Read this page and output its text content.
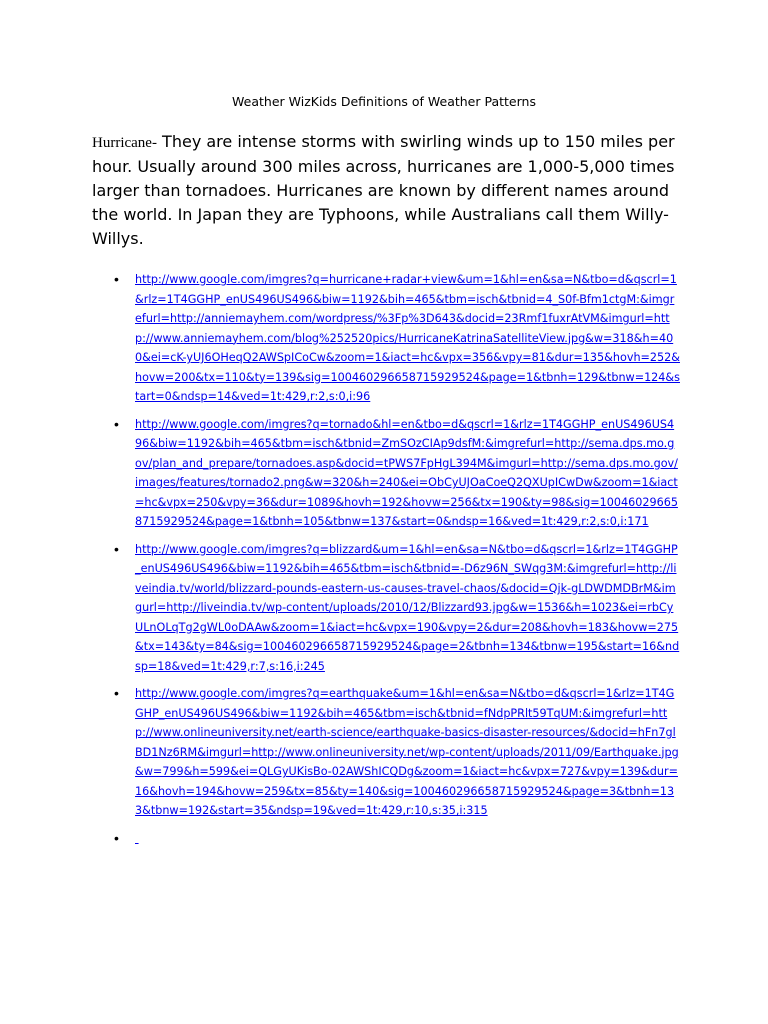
Weather WizKids Definitions of Weather Patterns
Hurricane- They are intense storms with swirling winds up to 150 miles per hour. Usually around 300 miles across, hurricanes are 1,000-5,000 times larger than tornadoes. Hurricanes are known by different names around the world. In Japan they are Typhoons, while Australians call them Willy-Willys.
• http://www.google.com/imgres?q=hurricane+radar+view&um=1&hl=en&sa=N&tbo=d&qscrl=1&rlz=1T4GGHP_enUS496US496&biw=1192&bih=465&tbm=isch&tbnid=4_S0f-Bfm1ctgM:&imgrefurl=http://anniemayhem.com/wordpress/%3Fp%3D643&docid=23Rmf1fuxrAtVM&imgurl=http://www.anniemayhem.com/blog%252520pics/HurricaneKatrinaSatelliteView.jpg&w=318&h=400&ei=cK-yUJ6OHeqQ2AWSpICoCw&zoom=1&iact=hc&vpx=356&vpy=81&dur=135&hovh=252&hovw=200&tx=110&ty=139&sig=100460296658715929524&page=1&tbnh=129&tbnw=124&start=0&ndsp=14&ved=1t:429,r:2,s:0,i:96
• http://www.google.com/imgres?q=tornado&hl=en&tbo=d&qscrl=1&rlz=1T4GGHP_enUS496US496&biw=1192&bih=465&tbm=isch&tbnid=ZmSOzCIAp9dsfM:&imgrefurl=http://sema.dps.mo.gov/plan_and_prepare/tornadoes.asp&docid=tPWS7FpHgL394M&imgurl=http://sema.dps.mo.gov/images/features/tornado2.png&w=320&h=240&ei=ObCyUJOaCoeQ2QXUpICwDw&zoom=1&iact=hc&vpx=250&vpy=36&dur=1089&hovh=192&hovw=256&tx=190&ty=98&sig=100460296658715929524&page=1&tbnh=105&tbnw=137&start=0&ndsp=16&ved=1t:429,r:2,s:0,i:171
• http://www.google.com/imgres?q=blizzard&um=1&hl=en&sa=N&tbo=d&qscrl=1&rlz=1T4GGHP_enUS496US496&biw=1192&bih=465&tbm=isch&tbnid=-D6z96N_SWqg3M:&imgrefurl=http://liveindia.tv/world/blizzard-pounds-eastern-us-causes-travel-chaos/&docid=Qjk-gLDWDMDBrM&imgurl=http://liveindia.tv/wp-content/uploads/2010/12/Blizzard93.jpg&w=1536&h=1023&ei=rbCyULnOLqTg2gWL0oDAAw&zoom=1&iact=hc&vpx=190&vpy=2&dur=208&hovh=183&hovw=275&tx=143&ty=84&sig=100460296658715929524&page=2&tbnh=134&tbnw=195&start=16&ndsp=18&ved=1t:429,r:7,s:16,i:245
• http://www.google.com/imgres?q=earthquake&um=1&hl=en&sa=N&tbo=d&qscrl=1&rlz=1T4GGHP_enUS496US496&biw=1192&bih=465&tbm=isch&tbnid=fNdpPRlt59TqUM:&imgrefurl=http://www.onlineuniversity.net/earth-science/earthquake-basics-disaster-resources/&docid=hFn7glBD1Nz6RM&imgurl=http://www.onlineuniversity.net/wp-content/uploads/2011/09/Earthquake.jpg&w=799&h=599&ei=QLGyUKisBo-02AWShICQDg&zoom=1&iact=hc&vpx=727&vpy=139&dur=16&hovh=194&hovw=259&tx=85&ty=140&sig=100460296658715929524&page=3&tbnh=133&tbnw=192&start=35&ndsp=19&ved=1t:429,r:10,s:35,i:315
•
